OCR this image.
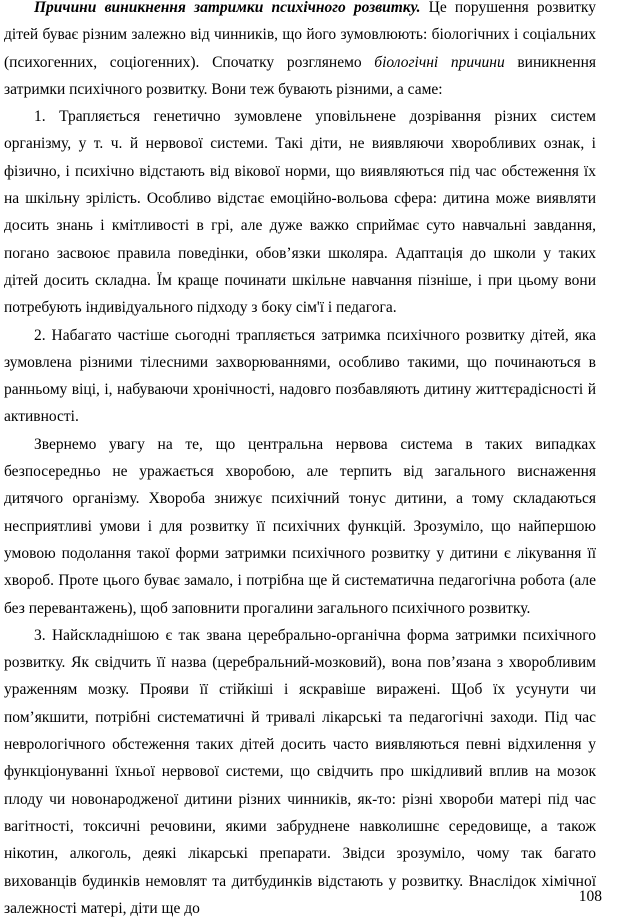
Причини виникнення затримки психічного розвитку. Це порушення розвитку дітей буває різним залежно від чинників, що його зумовлюють: біологічних і соціальних (психогенних, соціогенних). Спочатку розглянемо біологічні причини виникнення затримки психічного розвитку. Вони теж бувають різними, а саме:

1. Трапляється генетично зумовлене уповільнене дозрівання різних систем організму, у т. ч. й нервової системи. Такі діти, не виявляючи хворобливих ознак, і фізично, і психічно відстають від вікової норми, що виявляються під час обстеження їх на шкільну зрілість. Особливо відстає емоційно-вольова сфера: дитина може виявляти досить знань і кмітливості в грі, але дуже важко сприймає суто навчальні завдання, погано засвоює правила поведінки, обов’язки школяра. Адаптація до школи у таких дітей досить складна. Їм краще починати шкільне навчання пізніше, і при цьому вони потребують індивідуального підходу з боку сім'ї і педагога.

2. Набагато частіше сьогодні трапляється затримка психічного розвитку дітей, яка зумовлена різними тілесними захворюваннями, особливо такими, що починаються в ранньому віці, і, набуваючи хронічності, надовго позбавляють дитину життєрадісності й активності.

Звернемо увагу на те, що центральна нервова система в таких випадках безпосередньо не уражається хворобою, але терпить від загального виснаження дитячого організму. Хвороба знижує психічний тонус дитини, а тому складаються несприятливі умови і для розвитку її психічних функцій. Зрозуміло, що найпершою умовою подолання такої форми затримки психічного розвитку у дитини є лікування її хвороб. Проте цього буває замало, і потрібна ще й систематична педагогічна робота (але без перевантажень), щоб заповнити прогалини загального психічного розвитку.

3. Найскладнішою є так звана церебрально-органічна форма затримки психічного розвитку. Як свідчить її назва (церебральний-мозковий), вона пов’язана з хворобливим ураженням мозку. Прояви її стійкіші і яскравіше виражені. Щоб їх усунути чи пом’якшити, потрібні систематичні й тривалі лікарські та педагогічні заходи. Під час неврологічного обстеження таких дітей досить часто виявляються певні відхилення у функціонуванні їхньої нервової системи, що свідчить про шкідливий вплив на мозок плоду чи новонародженої дитини різних чинників, як-то: різні хвороби матері під час вагітності, токсичні речовини, якими забруднене навколишнє середовище, а також нікотин, алкоголь, деякі лікарські препарати. Звідси зрозуміло, чому так багато вихованців будинків немовлят та дитбудинків відстають у розвитку. Внаслідок хімічної залежності матері, діти ще до

108
